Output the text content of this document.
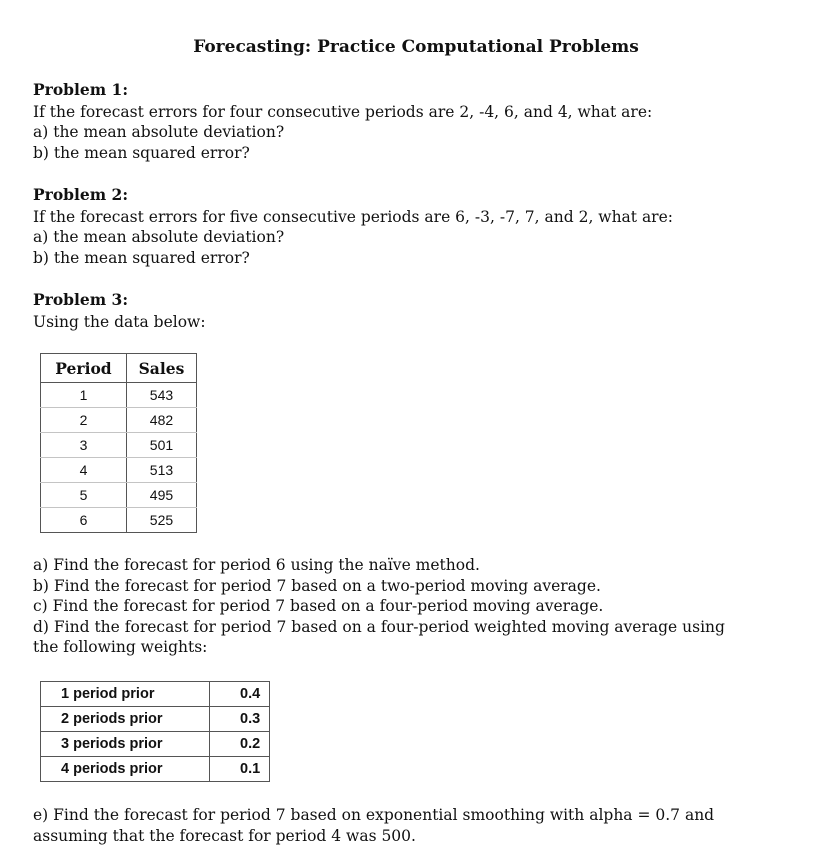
Forecasting: Practice Computational Problems
Problem 1:
If the forecast errors for four consecutive periods are 2, -4, 6, and 4, what are:
a) the mean absolute deviation?
b) the mean squared error?
Problem 2:
If the forecast errors for five consecutive periods are 6, -3, -7, 7, and 2, what are:
a) the mean absolute deviation?
b) the mean squared error?
Problem 3:
Using the data below:
Period	Sales
1	543
2	482
3	501
4	513
5	495
6	525
a) Find the forecast for period 6 using the naïve method.
b) Find the forecast for period 7 based on a two-period moving average.
c) Find the forecast for period 7 based on a four-period moving average.
d) Find the forecast for period 7 based on a four-period weighted moving average using the following weights:
1 period prior	0.4
2 periods prior	0.3
3 periods prior	0.2
4 periods prior	0.1
e) Find the forecast for period 7 based on exponential smoothing with alpha = 0.7 and assuming that the forecast for period 4 was 500.
